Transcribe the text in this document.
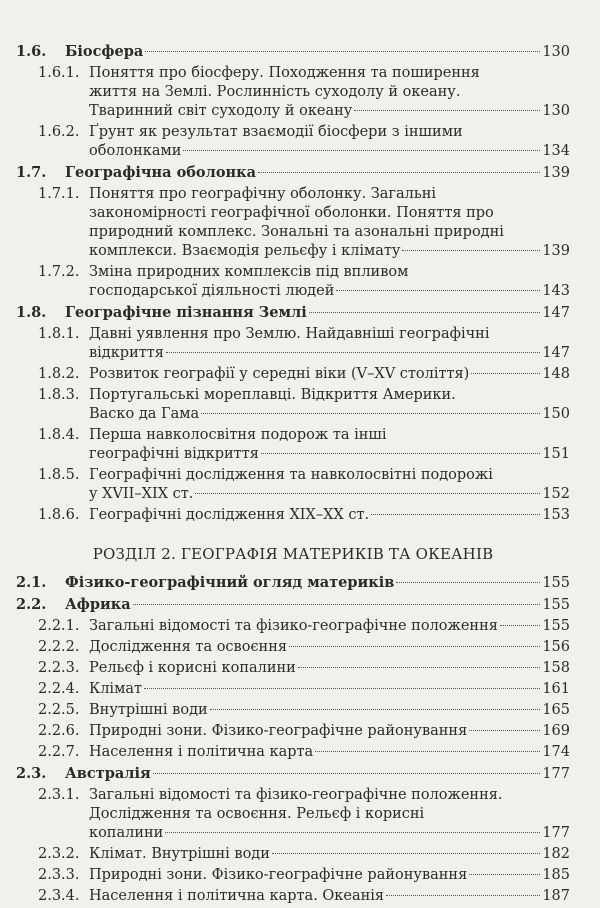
1.6. Біосфера	130
1.6.1. Поняття про біосферу. Походження та поширення
життя на Землі. Рослинність суходолу й океану.
Тваринний світ суходолу й океану	130
1.6.2. Ґрунт як результат взаємодії біосфери з іншими
оболонками	134
1.7. Географічна оболонка	139
1.7.1. Поняття про географічну оболонку. Загальні
закономірності географічної оболонки. Поняття про
природний комплекс. Зональні та азональні природні
комплекси. Взаємодія рельєфу і клімату	139
1.7.2. Зміна природних комплексів під впливом
господарської діяльності людей	143
1.8. Географічне пізнання Землі	147
1.8.1. Давні уявлення про Землю. Найдавніші географічні
відкриття	147
1.8.2. Розвиток географії у середні віки (V–XV століття)	148
1.8.3. Португальські мореплавці. Відкриття Америки.
Васко да Гама	150
1.8.4. Перша навколосвітня подорож та інші
географічні відкриття	151
1.8.5. Географічні дослідження та навколосвітні подорожі
у XVII–XIX ст.	152
1.8.6. Географічні дослідження XIX–XX ст.	153
РОЗДІЛ 2. ГЕОГРАФІЯ МАТЕРИКІВ ТА ОКЕАНІВ
2.1. Фізико-географічний огляд материків	155
2.2. Африка	155
2.2.1. Загальні відомості та фізико-географічне положення	155
2.2.2. Дослідження та освоєння	156
2.2.3. Рельєф і корисні копалини	158
2.2.4. Клімат	161
2.2.5. Внутрішні води	165
2.2.6. Природні зони. Фізико-географічне районування	169
2.2.7. Населення і політична карта	174
2.3. Австралія	177
2.3.1. Загальні відомості та фізико-географічне положення.
Дослідження та освоєння. Рельєф і корисні
копалини	177
2.3.2. Клімат. Внутрішні води	182
2.3.3. Природні зони. Фізико-географічне районування	185
2.3.4. Населення і політична карта. Океанія	187
